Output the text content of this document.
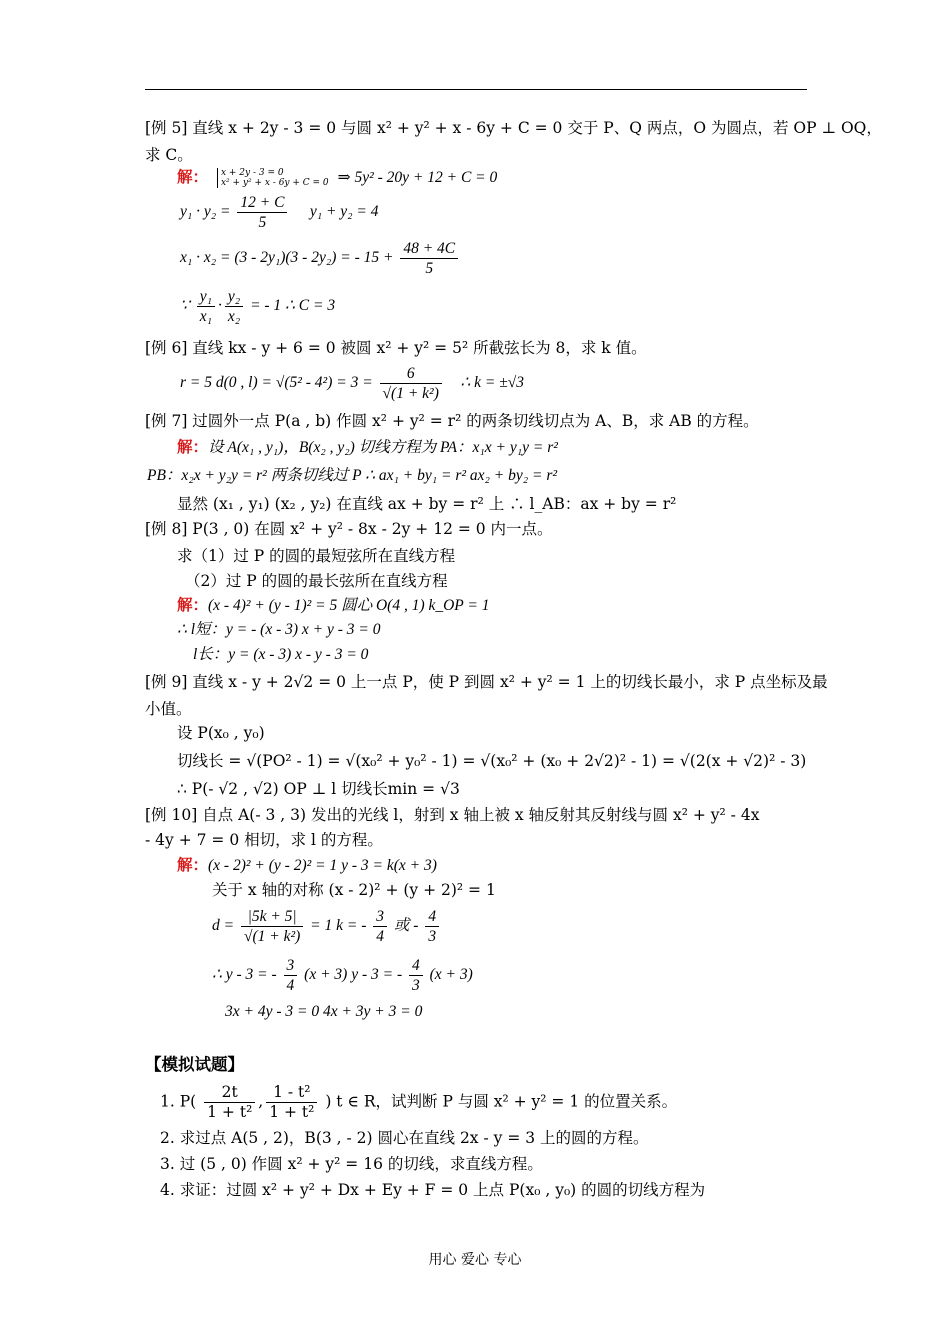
[例 5] 直线 x + 2y - 3 = 0 与圆 x² + y² + x - 6y + C = 0 交于 P、Q 两点，O 为圆点，若 OP ⊥ OQ，
求 C。
解： x + 2y - 3 = 0
x² + y² + x - 6y + C = 0 ⇒ 5y² - 20y + 12 + C = 0
$y_1 \cdot y_2 = \frac{12 + C}{5} y_1 + y_2 = 4$
x₁ · x₂ = (3 - 2y₁)(3 - 2y₂) = - $15 + \frac{48 + 4C}{5}$
∵ $\frac{\text{y₁}}{\text{x₁}} \cdot \frac{\text{y₂}}{\text{x₂}}$ = - 1 ∴ C = 3
[例 6] 直线 kx - y + 6 = 0 被圆 x² + y² = 5² 所截弦长为 8，求 k 值。
r = 5 d(0 , $l) = √(5^2 - 4^2) = 3 = \frac{6}{\text{√(1 + k²)}}$ ∴ k = ±√3
[例 7] 过圆外一点 P(a , b) 作圆 x² + y² = r² 的两条切线切点为 A、B，求 AB 的方程。
解：设 A(x₁ , y₁)，B(x₂ , y₂) 切线方程为 PA：x₁x + y₁y = r²
PB：x₂x + y₂y = r² 两条切线过 P ∴ ax₁ + by₁ = r² ax₂ + by₂ = r²
显然 (x₁ , y₁) (x₂ , y₂) 在直线 ax + by = r² 上 ∴ l_AB：ax + by = r²
[例 8] P(3 , 0) 在圆 x² + y² - 8x - 2y + 12 = 0 内一点。
求（1）过 P 的圆的最短弦所在直线方程
（2）过 P 的圆的最长弦所在直线方程
解：(x - 4)² + (y - 1)² = 5 圆心 O(4 , 1) k_OP = 1
∴ l短：y = - (x - 3) x + y - 3 = 0
l长：y = (x - 3) x - y - 3 = 0
[例 9] 直线 x - y + 2√2 = 0 上一点 P，使 P 到圆 x² + y² = 1 上的切线长最小，求 P 点坐标及最
小值。
设 P(x₀ , y₀)
切线长 = √(PO² - 1) = √(x₀² + y₀² - 1) = √(x₀² + (x₀ + 2√2)² - 1) = √(2(x + √2)² - 3)
∴ P(- √2 , √2) OP ⊥ l 切线长min = √3
[例 10] 自点 A(- 3 , 3) 发出的光线 l，射到 x 轴上被 x 轴反射其反射线与圆 x² + y² - 4x
- 4y + 7 = 0 相切，求 l 的方程。
解：(x - 2)² + (y - 2)² = 1 y - 3 = k(x + 3)
关于 x 轴的对称 (x - 2)² + (y + 2)² = 1
$d = \frac{|5k + 5|}{\text{√(1 + k²)}} = 1$ k = - $\frac{3}{4}$ 或 - $\frac{4}{3}$
∴ y - 3 = - $\frac{3}{4} (x + 3)$ y - 3 = - $\frac{4}{3} (x + 3)$
3x + 4y - 3 = 0 4x + 3y + 3 = 0
【模拟试题】
1. $P( \frac{2t}{\text{1 + t²}}$ , $\frac{\text{1 - t²}}{\text{1 + t²}}$ ) t ∈ R，试判断 P 与圆 x² + y² = 1 的位置关系。
2. 求过点 A(5 , 2)，B(3 , - 2) 圆心在直线 2x - y = 3 上的圆的方程。
3. 过 (5 , 0) 作圆 x² + y² = 16 的切线，求直线方程。
4. 求证：过圆 x² + y² + Dx + Ey + F = 0 上点 P(x₀ , y₀) 的圆的切线方程为
用心 爱心 专心
